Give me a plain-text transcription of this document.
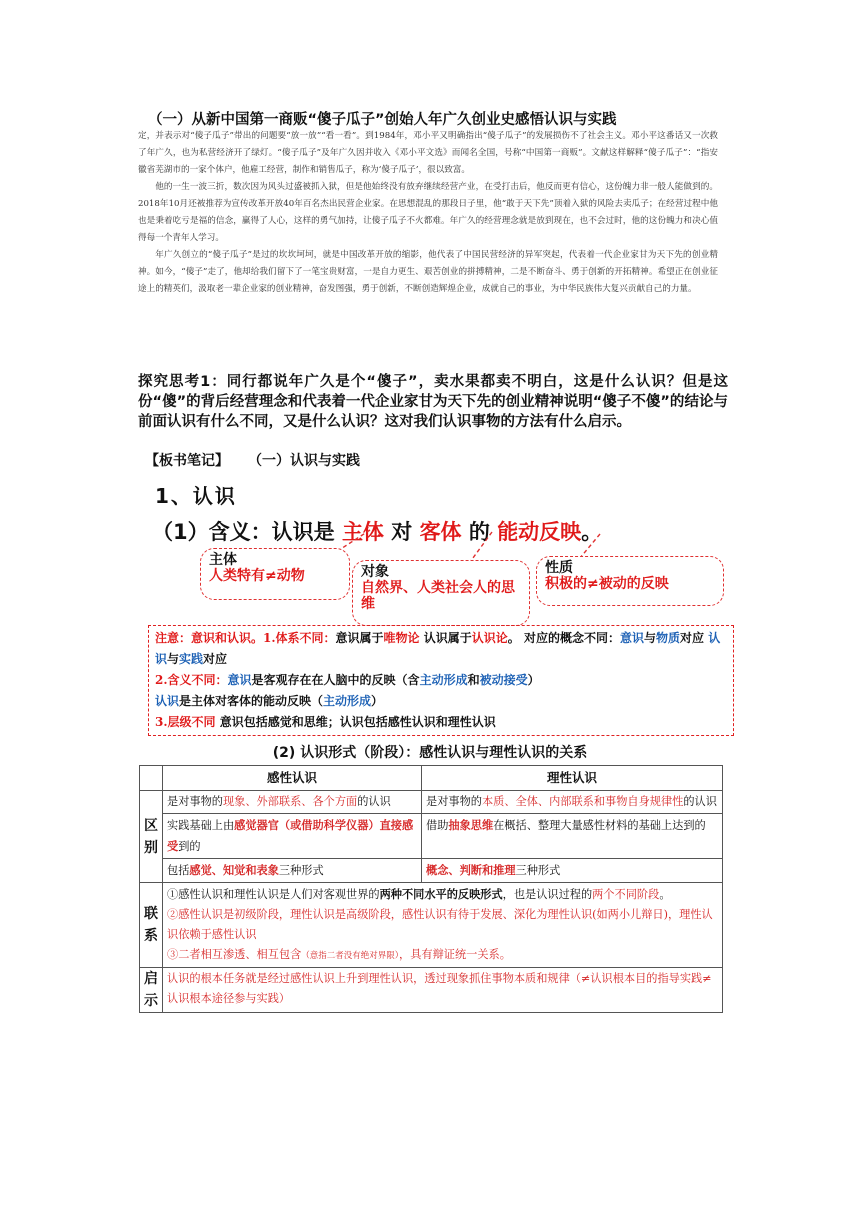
（一）从新中国第一商贩“傻子瓜子”创始人年广久创业史感悟认识与实践

定，并表示对“傻子瓜子”带出的问题要“放一放”“看一看”。到1984年，邓小平又明确指出“傻子瓜子”的发展损伤不了社会主义。邓小平这番话又一次救了年广久，也为私营经济开了绿灯。“傻子瓜子”及年广久因并收入《邓小平文选》而闻名全国，号称“中国第一商贩”。文献这样解释“傻子瓜子”：“指安徽省芜湖市的一家个体户，他雇工经营，制作和销售瓜子，称为‘傻子瓜子’，很以致富。

他的一生一波三折，数次因为风头过盛被抓入狱，但是他始终没有放弃继续经营产业，在受打击后，他反而更有信心，这份魄力非一般人能做到的。2018年10月还被推荐为宣传改革开放40年百名杰出民营企业家。在思想混乱的那段日子里，他“敢于天下先”顶着入狱的风险去卖瓜子；在经营过程中他也是秉着吃亏是福的信念，赢得了人心，这样的勇气加持，让傻子瓜子不火都难。年广久的经营理念就是放到现在，也不会过时，他的这份魄力和决心值得每一个青年人学习。

年广久创立的“傻子瓜子”是过的坎坎坷坷，就是中国改革开放的缩影，他代表了中国民营经济的异军突起，代表着一代企业家甘为天下先的创业精神。如今，“傻子”走了，他却给我们留下了一笔宝贵财富，一是自力更生、艰苦创业的拼搏精神，二是不断奋斗、勇于创新的开拓精神。希望正在创业征途上的精英们，汲取老一辈企业家的创业精神，奋发图强，勇于创新，不断创造辉煌企业，成就自己的事业，为中华民族伟大复兴贡献自己的力量。

探究思考1：同行都说年广久是个“傻子”，卖水果都卖不明白，这是什么认识？但是这份“傻”的背后经营理念和代表着一代企业家甘为天下先的创业精神说明“傻子不傻”的结论与前面认识有什么不同，又是什么认识？这对我们认识事物的方法有什么启示。
【板书笔记】 （一）认识与实践
1、认识
（1）含义：认识是 主体 对 客体 的 能动反映。
主体
人类特有≠动物	对象
自然界、人类社会人的思维
性质
积极的≠被动的反映
注意：意识和认识。1.体系不同：意识属于唯物论 认识属于认识论。 对应的概念不同：意识与物质对应 认识与实践对应
2.含义不同：意识是客观存在在人脑中的反映（含主动形成和被动接受）
认识是主体对客体的能动反映（主动形成）
3.层级不同 意识包括感觉和思维；认识包括感性认识和理性认识
(2) 认识形式（阶段）：感性认识与理性认识的关系
	感性认识	理性认识
区别	是对事物的现象、外部联系、各个方面的认识	是对事物的本质、全体、内部联系和事物自身规律性的认识
	实践基础上由感觉器官（或借助科学仪器）直接感受到的	借助抽象思维在概括、整理大量感性材料的基础上达到的
	包括感觉、知觉和表象三种形式	概念、判断和推理三种形式
联系	①感性认识和理性认识是人们对客观世界的两种不同水平的反映形式，也是认识过程的两个不同阶段。
②感性认识是初级阶段，理性认识是高级阶段，感性认识有待于发展、深化为理性认识(如两小儿辩日)，理性认识依赖于感性认识
③二者相互渗透、相互包含（意指二者没有绝对界限），具有辩证统一关系。	

启示	认识的根本任务就是经过感性认识上升到理性认识，透过现象抓住事物本质和规律（≠认识根本目的指导实践≠认识根本途径参与实践）	
